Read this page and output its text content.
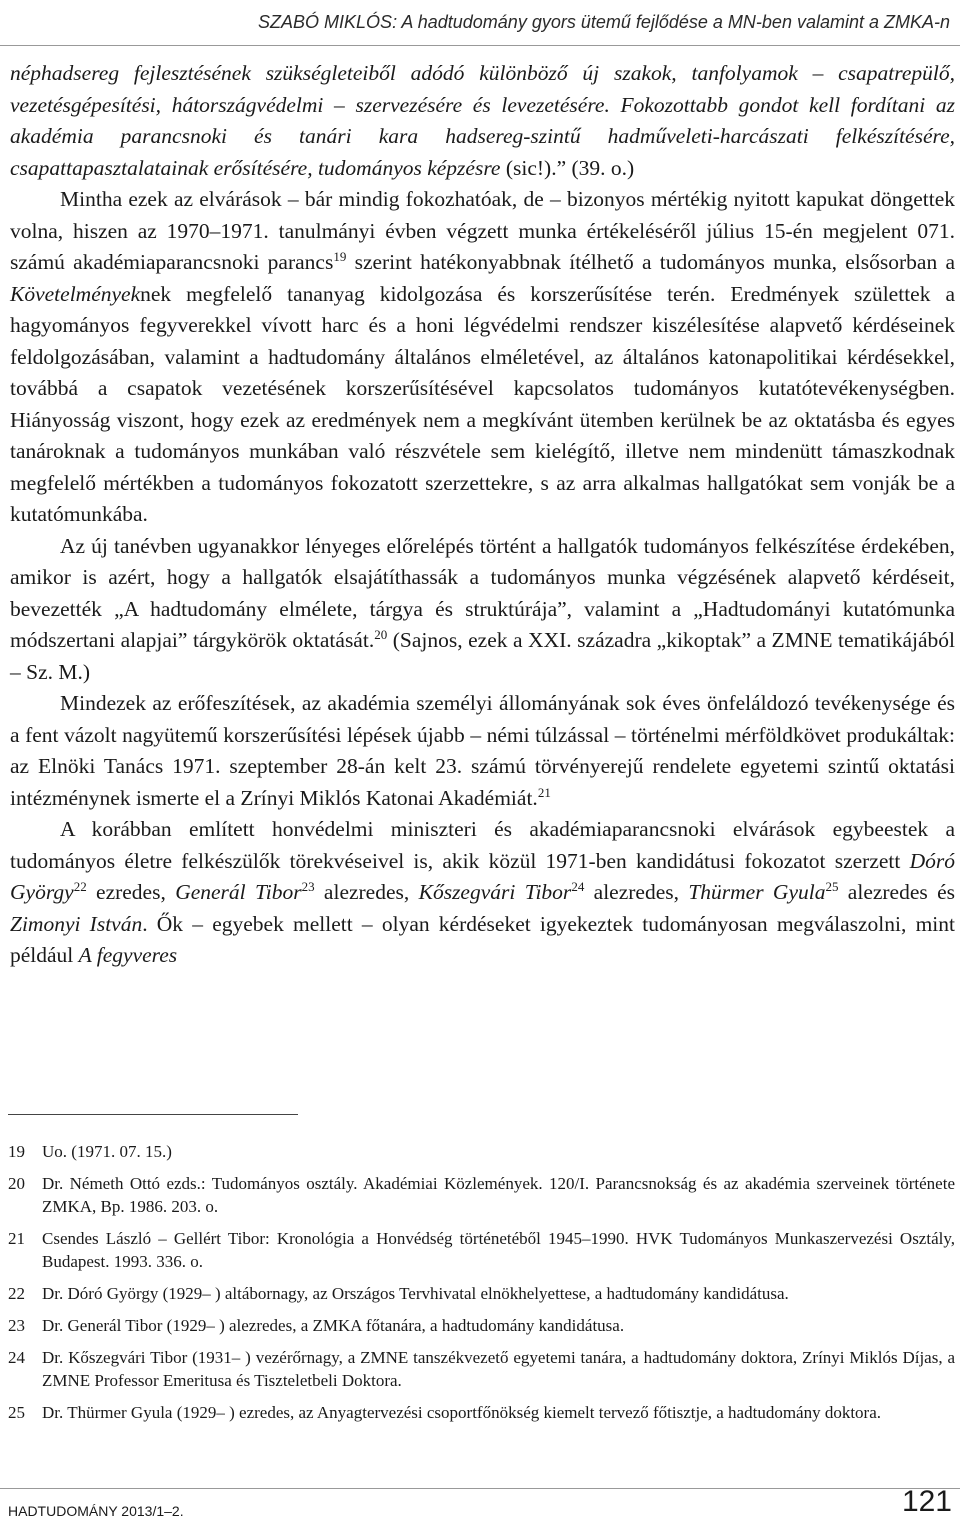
SZABÓ MIKLÓS: A hadtudomány gyors ütemű fejlődése a MN-ben valamint a ZMKA-n

néphadsereg fejlesztésének szükségleteiből adódó különböző új szakok, tanfolyamok – csapatrepülő, vezetésgépesítési, hátországvédelmi – szervezésére és levezetésére. Fokozottabb gondot kell fordítani az akadémia parancsnoki és tanári kara hadsereg-szintű hadműveleti-harcászati felkészítésére, csapattapasztalatainak erősítésére, tudományos képzésre (sic!).” (39. o.)

Mintha ezek az elvárások – bár mindig fokozhatóak, de – bizonyos mértékig nyitott kapukat döngettek volna, hiszen az 1970–1971. tanulmányi évben végzett munka értékeléséről július 15-én megjelent 071. számú akadémiaparancsnoki parancs$^{19}$ szerint hatékonyabbnak ítélhető a tudományos munka, elsősorban a Követelményeknek megfelelő tananyag kidolgozása és korszerűsítése terén. Eredmények születtek a hagyományos fegyverekkel vívott harc és a honi légvédelmi rendszer kiszélesítése alapvető kérdéseinek feldolgozásában, valamint a hadtudomány általános elméletével, az általános katonapolitikai kérdésekkel, továbbá a csapatok vezetésének korszerűsítésével kapcsolatos tudományos kutatótevékenységben. Hiányosság viszont, hogy ezek az eredmények nem a megkívánt ütemben kerülnek be az oktatásba és egyes tanároknak a tudományos munkában való részvétele sem kielégítő, illetve nem mindenütt támaszkodnak megfelelő mértékben a tudományos fokozatott szerzettekre, s az arra alkalmas hallgatókat sem vonják be a kutatómunkába.

Az új tanévben ugyanakkor lényeges előrelépés történt a hallgatók tudományos felkészítése érdekében, amikor is azért, hogy a hallgatók elsajátíthassák a tudományos munka végzésének alapvető kérdéseit, bevezették „A hadtudomány elmélete, tárgya és struktúrája”, valamint a „Hadtudományi kutatómunka módszertani alapjai” tárgykörök oktatását.$^{20}$ (Sajnos, ezek a XXI. századra „kikoptak” a ZMNE tematikájából – Sz. M.)

Mindezek az erőfeszítések, az akadémia személyi állományának sok éves önfeláldozó tevékenysége és a fent vázolt nagyütemű korszerűsítési lépések újabb – némi túlzással – történelmi mérföldkövet produkáltak: az Elnöki Tanács 1971. szeptember 28-án kelt 23. számú törvényerejű rendelete egyetemi szintű oktatási intézménynek ismerte el a Zrínyi Miklós Katonai Akadémiát.$^{21}$

A korábban említett honvédelmi miniszteri és akadémiaparancsnoki elvárások egybeestek a tudományos életre felkészülők törekvéseivel is, akik közül 1971-ben kandidátusi fokozatot szerzett Dóró György$^{22}$ ezredes, Generál Tibor$^{23}$ alezredes, Kőszegvári Tibor$^{24}$ alezredes, Thürmer Gyula$^{25}$ alezredes és Zimonyi István. Ők – egyebek mellett – olyan kérdéseket igyekeztek tudományosan megválaszolni, mint például A fegyveres

19	Uo. (1971. 07. 15.)
20	Dr. Németh Ottó ezds.: Tudományos osztály. Akadémiai Közlemények. 120/I. Parancsnokság és az akadémia szerveinek története ZMKA, Bp. 1986. 203. o.
21	Csendes László – Gellért Tibor: Kronológia a Honvédség történetéből 1945–1990. HVK Tudományos Munkaszervezési Osztály, Budapest. 1993. 336. o.
22	Dr. Dóró György (1929– ) altábornagy, az Országos Tervhivatal elnökhelyettese, a hadtudomány kandidátusa.
23	Dr. Generál Tibor (1929– ) alezredes, a ZMKA főtanára, a hadtudomány kandidátusa.
24	Dr. Kőszegvári Tibor (1931– ) vezérőrnagy, a ZMNE tanszékvezető egyetemi tanára, a hadtudomány doktora, Zrínyi Miklós Díjas, a ZMNE Professor Emeritusa és Tiszteletbeli Doktora.
25	Dr. Thürmer Gyula (1929– ) ezredes, az Anyagtervezési csoportfőnökség kiemelt tervező főtisztje, a hadtudomány doktora.
HADTUDOMÁNY 2013/1–2.	121
